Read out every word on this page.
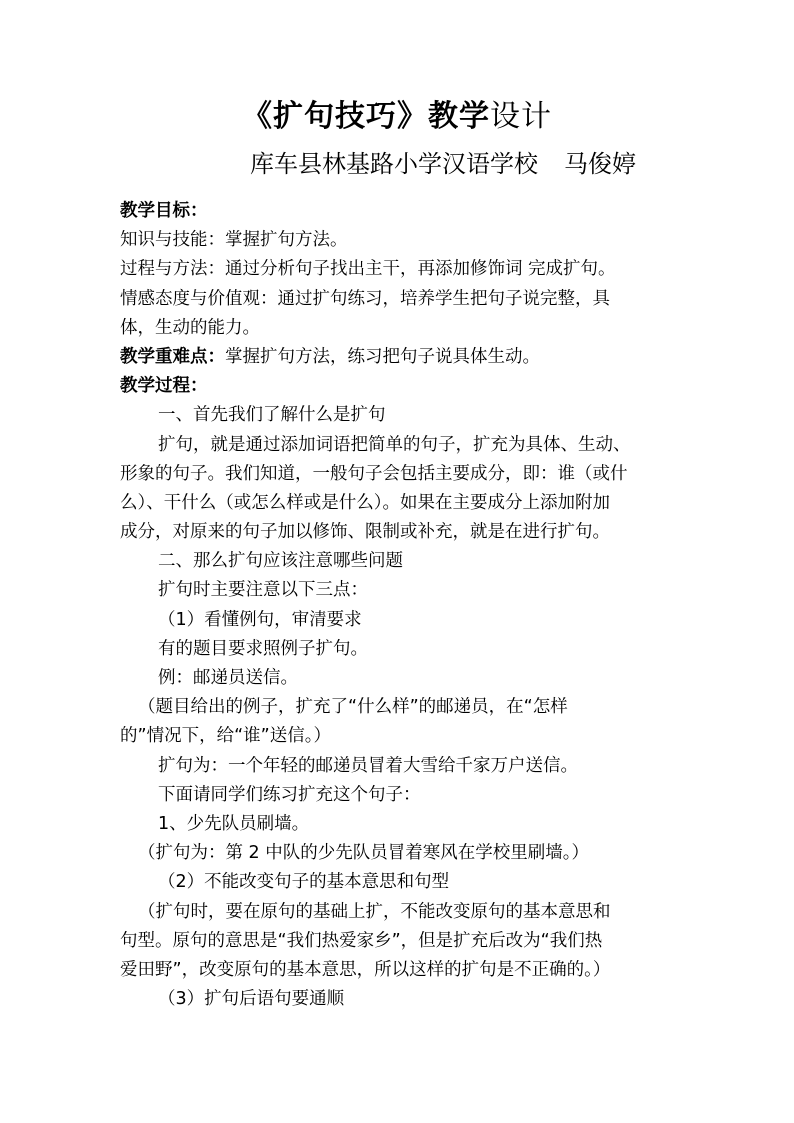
《扩句技巧》教学设计
库车县林基路小学汉语学校 马俊婷
教学目标：
知识与技能：掌握扩句方法。
过程与方法：通过分析句子找出主干，再添加修饰词 完成扩句。
情感态度与价值观：通过扩句练习，培养学生把句子说完整，具
体，生动的能力。
教学重难点：掌握扩句方法，练习把句子说具体生动。
教学过程：
一、首先我们了解什么是扩句
扩句，就是通过添加词语把简单的句子，扩充为具体、生动、
形象的句子。我们知道，一般句子会包括主要成分，即：谁（或什
么）、干什么（或怎么样或是什么）。如果在主要成分上添加附加
成分，对原来的句子加以修饰、限制或补充，就是在进行扩句。
二、那么扩句应该注意哪些问题
扩句时主要注意以下三点：
（1）看懂例句，审清要求
有的题目要求照例子扩句。
例：邮递员送信。
（题目给出的例子，扩充了“什么样”的邮递员，在“怎样
的”情况下，给“谁”送信。）
扩句为：一个年轻的邮递员冒着大雪给千家万户送信。
下面请同学们练习扩充这个句子：
1、少先队员刷墙。
（扩句为：第 2 中队的少先队员冒着寒风在学校里刷墙。）
（2）不能改变句子的基本意思和句型
（扩句时，要在原句的基础上扩，不能改变原句的基本意思和
句型。原句的意思是“我们热爱家乡”，但是扩充后改为“我们热
爱田野”，改变原句的基本意思，所以这样的扩句是不正确的。）
（3）扩句后语句要通顺
